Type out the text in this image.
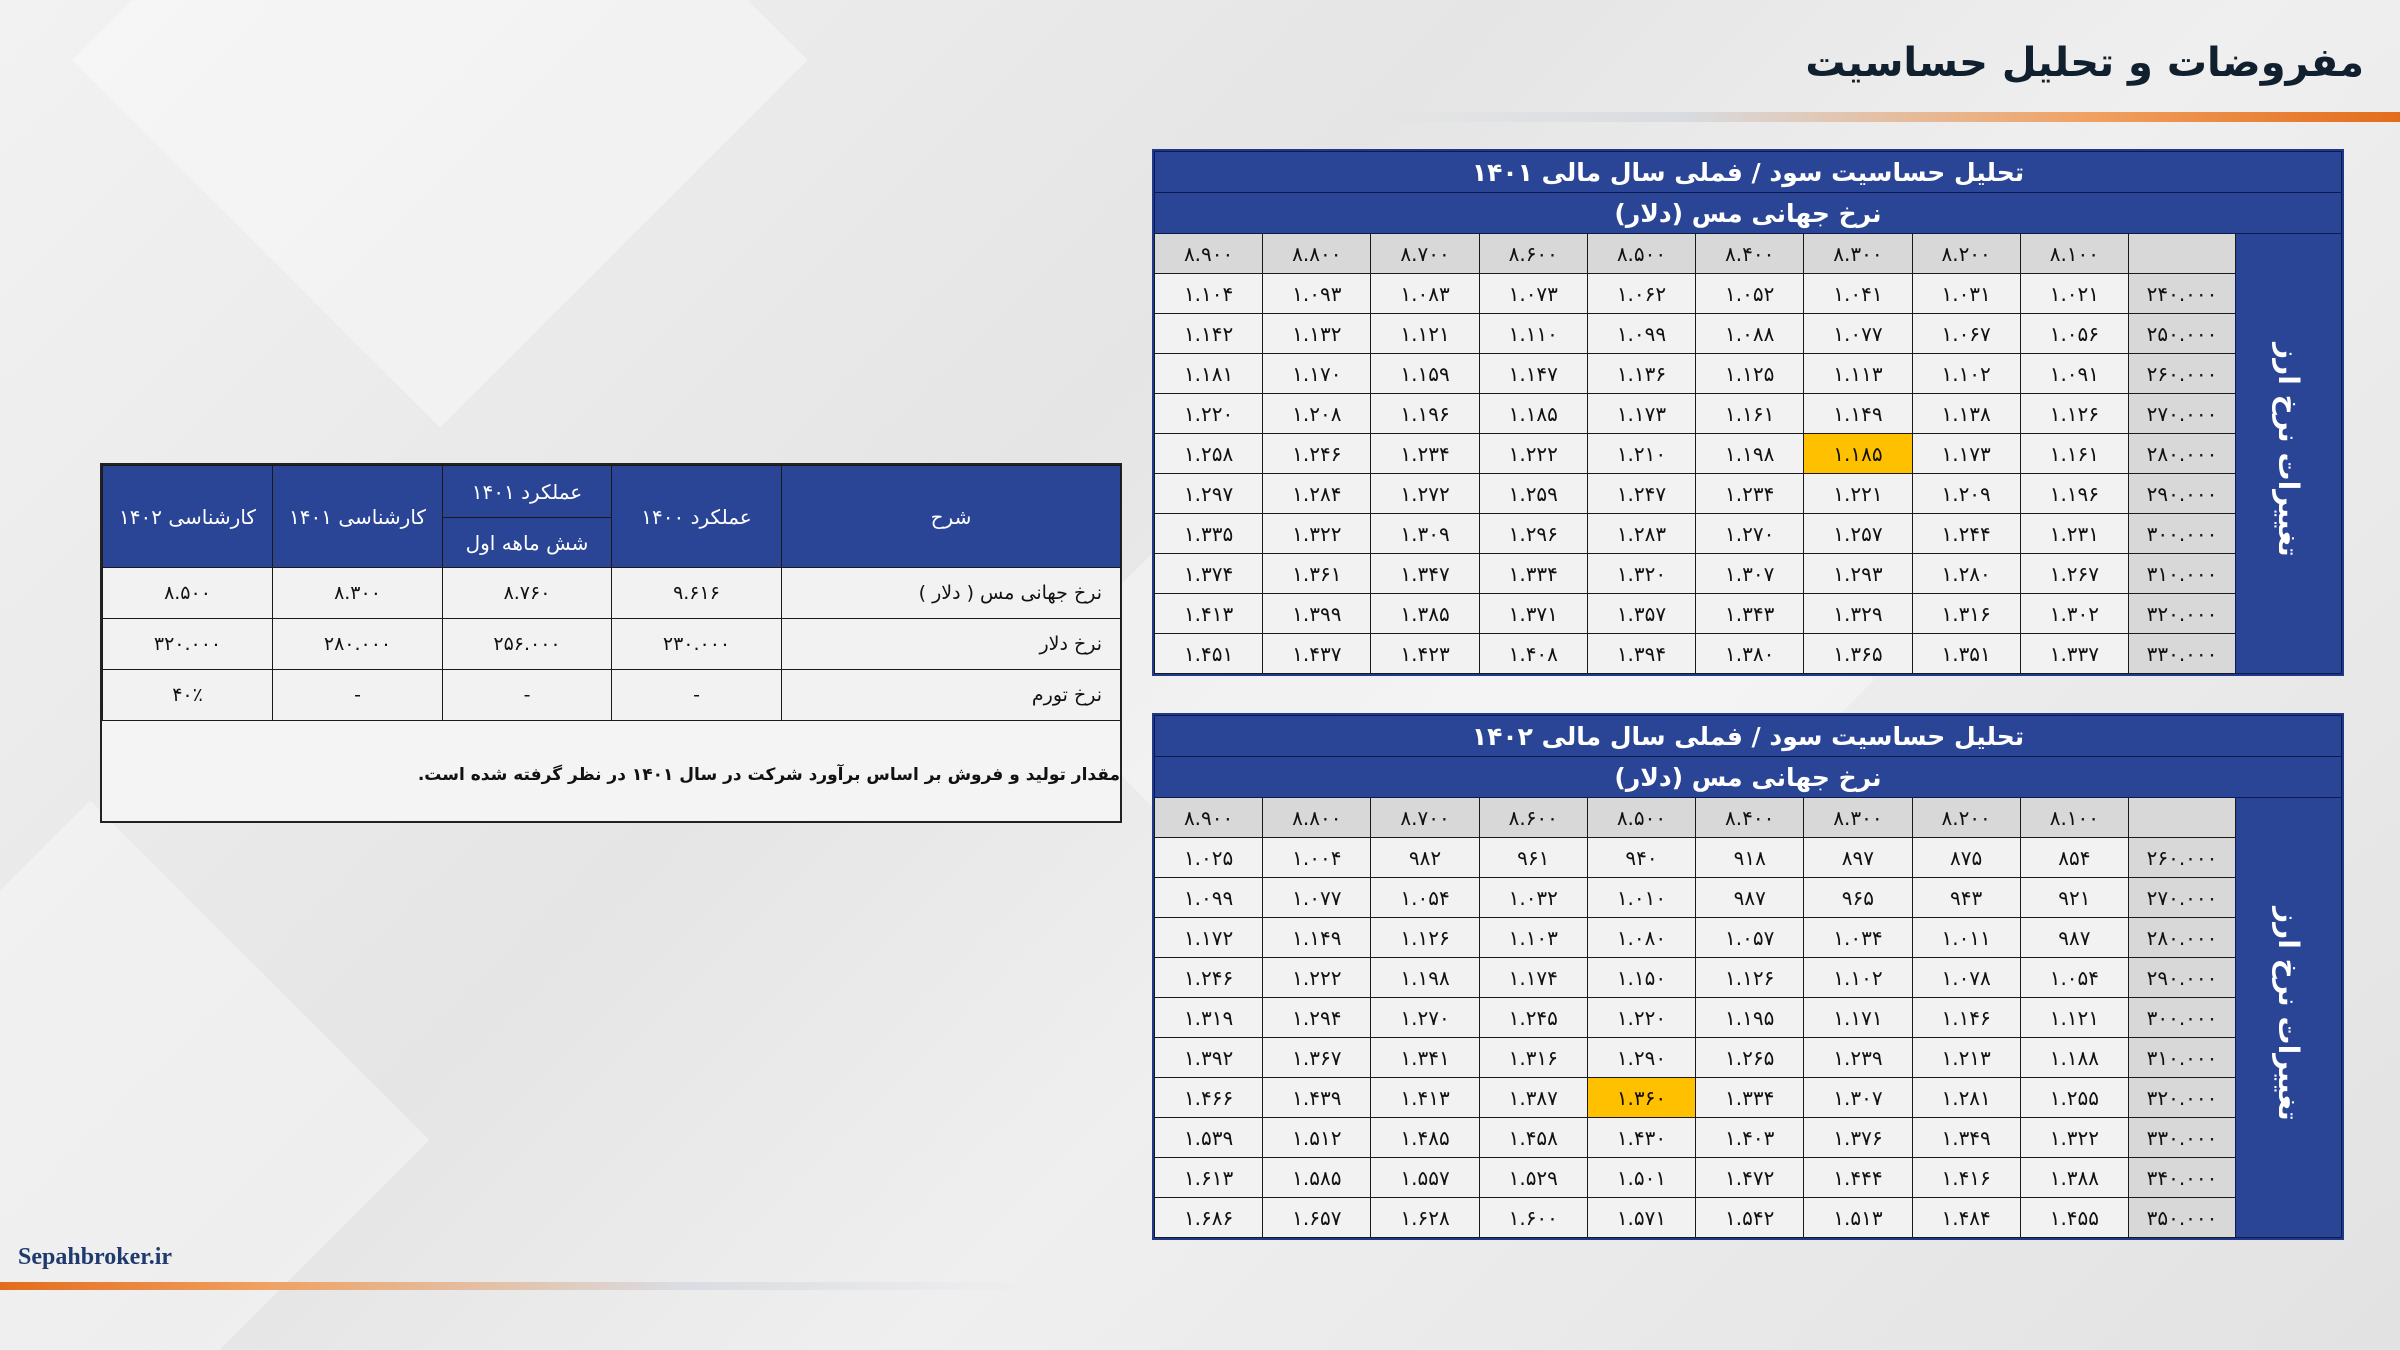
مفروضات و تحلیل حساسیت
کارشناسی ۱۴۰۲	کارشناسی ۱۴۰۱	عملکرد ۱۴۰۱	عملکرد ۱۴۰۰	شرح
		شش ماهه اول		
۸.۵۰۰	۸.۳۰۰	۸.۷۶۰	۹.۶۱۶	نرخ جهانی مس ( دلار )
۳۲۰.۰۰۰	۲۸۰.۰۰۰	۲۵۶.۰۰۰	۲۳۰.۰۰۰	نرخ دلار
۴۰٪	-	-	-	نرخ تورم
مقدار تولید و فروش بر اساس برآورد شرکت در سال ۱۴۰۱ در نظر گرفته شده است.
تحلیل حساسیت سود / فملی سال مالی ۱۴۰۱										
نرخ جهانی مس (دلار)										
۸.۹۰۰	۸.۸۰۰	۸.۷۰۰	۸.۶۰۰	۸.۵۰۰	۸.۴۰۰	۸.۳۰۰	۸.۲۰۰	۸.۱۰۰		تغییرات نرخ ارز
۱.۱۰۴	۱.۰۹۳	۱.۰۸۳	۱.۰۷۳	۱.۰۶۲	۱.۰۵۲	۱.۰۴۱	۱.۰۳۱	۱.۰۲۱	۲۴۰.۰۰۰	
۱.۱۴۲	۱.۱۳۲	۱.۱۲۱	۱.۱۱۰	۱.۰۹۹	۱.۰۸۸	۱.۰۷۷	۱.۰۶۷	۱.۰۵۶	۲۵۰.۰۰۰	
۱.۱۸۱	۱.۱۷۰	۱.۱۵۹	۱.۱۴۷	۱.۱۳۶	۱.۱۲۵	۱.۱۱۳	۱.۱۰۲	۱.۰۹۱	۲۶۰.۰۰۰	
۱.۲۲۰	۱.۲۰۸	۱.۱۹۶	۱.۱۸۵	۱.۱۷۳	۱.۱۶۱	۱.۱۴۹	۱.۱۳۸	۱.۱۲۶	۲۷۰.۰۰۰	
۱.۲۵۸	۱.۲۴۶	۱.۲۳۴	۱.۲۲۲	۱.۲۱۰	۱.۱۹۸	۱.۱۸۵	۱.۱۷۳	۱.۱۶۱	۲۸۰.۰۰۰	
۱.۲۹۷	۱.۲۸۴	۱.۲۷۲	۱.۲۵۹	۱.۲۴۷	۱.۲۳۴	۱.۲۲۱	۱.۲۰۹	۱.۱۹۶	۲۹۰.۰۰۰	
۱.۳۳۵	۱.۳۲۲	۱.۳۰۹	۱.۲۹۶	۱.۲۸۳	۱.۲۷۰	۱.۲۵۷	۱.۲۴۴	۱.۲۳۱	۳۰۰.۰۰۰	
۱.۳۷۴	۱.۳۶۱	۱.۳۴۷	۱.۳۳۴	۱.۳۲۰	۱.۳۰۷	۱.۲۹۳	۱.۲۸۰	۱.۲۶۷	۳۱۰.۰۰۰	
۱.۴۱۳	۱.۳۹۹	۱.۳۸۵	۱.۳۷۱	۱.۳۵۷	۱.۳۴۳	۱.۳۲۹	۱.۳۱۶	۱.۳۰۲	۳۲۰.۰۰۰	
۱.۴۵۱	۱.۴۳۷	۱.۴۲۳	۱.۴۰۸	۱.۳۹۴	۱.۳۸۰	۱.۳۶۵	۱.۳۵۱	۱.۳۳۷	۳۳۰.۰۰۰	
تحلیل حساسیت سود / فملی سال مالی ۱۴۰۲										
نرخ جهانی مس (دلار)										
۸.۹۰۰	۸.۸۰۰	۸.۷۰۰	۸.۶۰۰	۸.۵۰۰	۸.۴۰۰	۸.۳۰۰	۸.۲۰۰	۸.۱۰۰		تغییرات نرخ ارز
۱.۰۲۵	۱.۰۰۴	۹۸۲	۹۶۱	۹۴۰	۹۱۸	۸۹۷	۸۷۵	۸۵۴	۲۶۰.۰۰۰	
۱.۰۹۹	۱.۰۷۷	۱.۰۵۴	۱.۰۳۲	۱.۰۱۰	۹۸۷	۹۶۵	۹۴۳	۹۲۱	۲۷۰.۰۰۰	
۱.۱۷۲	۱.۱۴۹	۱.۱۲۶	۱.۱۰۳	۱.۰۸۰	۱.۰۵۷	۱.۰۳۴	۱.۰۱۱	۹۸۷	۲۸۰.۰۰۰	
۱.۲۴۶	۱.۲۲۲	۱.۱۹۸	۱.۱۷۴	۱.۱۵۰	۱.۱۲۶	۱.۱۰۲	۱.۰۷۸	۱.۰۵۴	۲۹۰.۰۰۰	
۱.۳۱۹	۱.۲۹۴	۱.۲۷۰	۱.۲۴۵	۱.۲۲۰	۱.۱۹۵	۱.۱۷۱	۱.۱۴۶	۱.۱۲۱	۳۰۰.۰۰۰	
۱.۳۹۲	۱.۳۶۷	۱.۳۴۱	۱.۳۱۶	۱.۲۹۰	۱.۲۶۵	۱.۲۳۹	۱.۲۱۳	۱.۱۸۸	۳۱۰.۰۰۰	
۱.۴۶۶	۱.۴۳۹	۱.۴۱۳	۱.۳۸۷	۱.۳۶۰	۱.۳۳۴	۱.۳۰۷	۱.۲۸۱	۱.۲۵۵	۳۲۰.۰۰۰	
۱.۵۳۹	۱.۵۱۲	۱.۴۸۵	۱.۴۵۸	۱.۴۳۰	۱.۴۰۳	۱.۳۷۶	۱.۳۴۹	۱.۳۲۲	۳۳۰.۰۰۰	
۱.۶۱۳	۱.۵۸۵	۱.۵۵۷	۱.۵۲۹	۱.۵۰۱	۱.۴۷۲	۱.۴۴۴	۱.۴۱۶	۱.۳۸۸	۳۴۰.۰۰۰	
۱.۶۸۶	۱.۶۵۷	۱.۶۲۸	۱.۶۰۰	۱.۵۷۱	۱.۵۴۲	۱.۵۱۳	۱.۴۸۴	۱.۴۵۵	۳۵۰.۰۰۰	
Sepahbroker.ir
